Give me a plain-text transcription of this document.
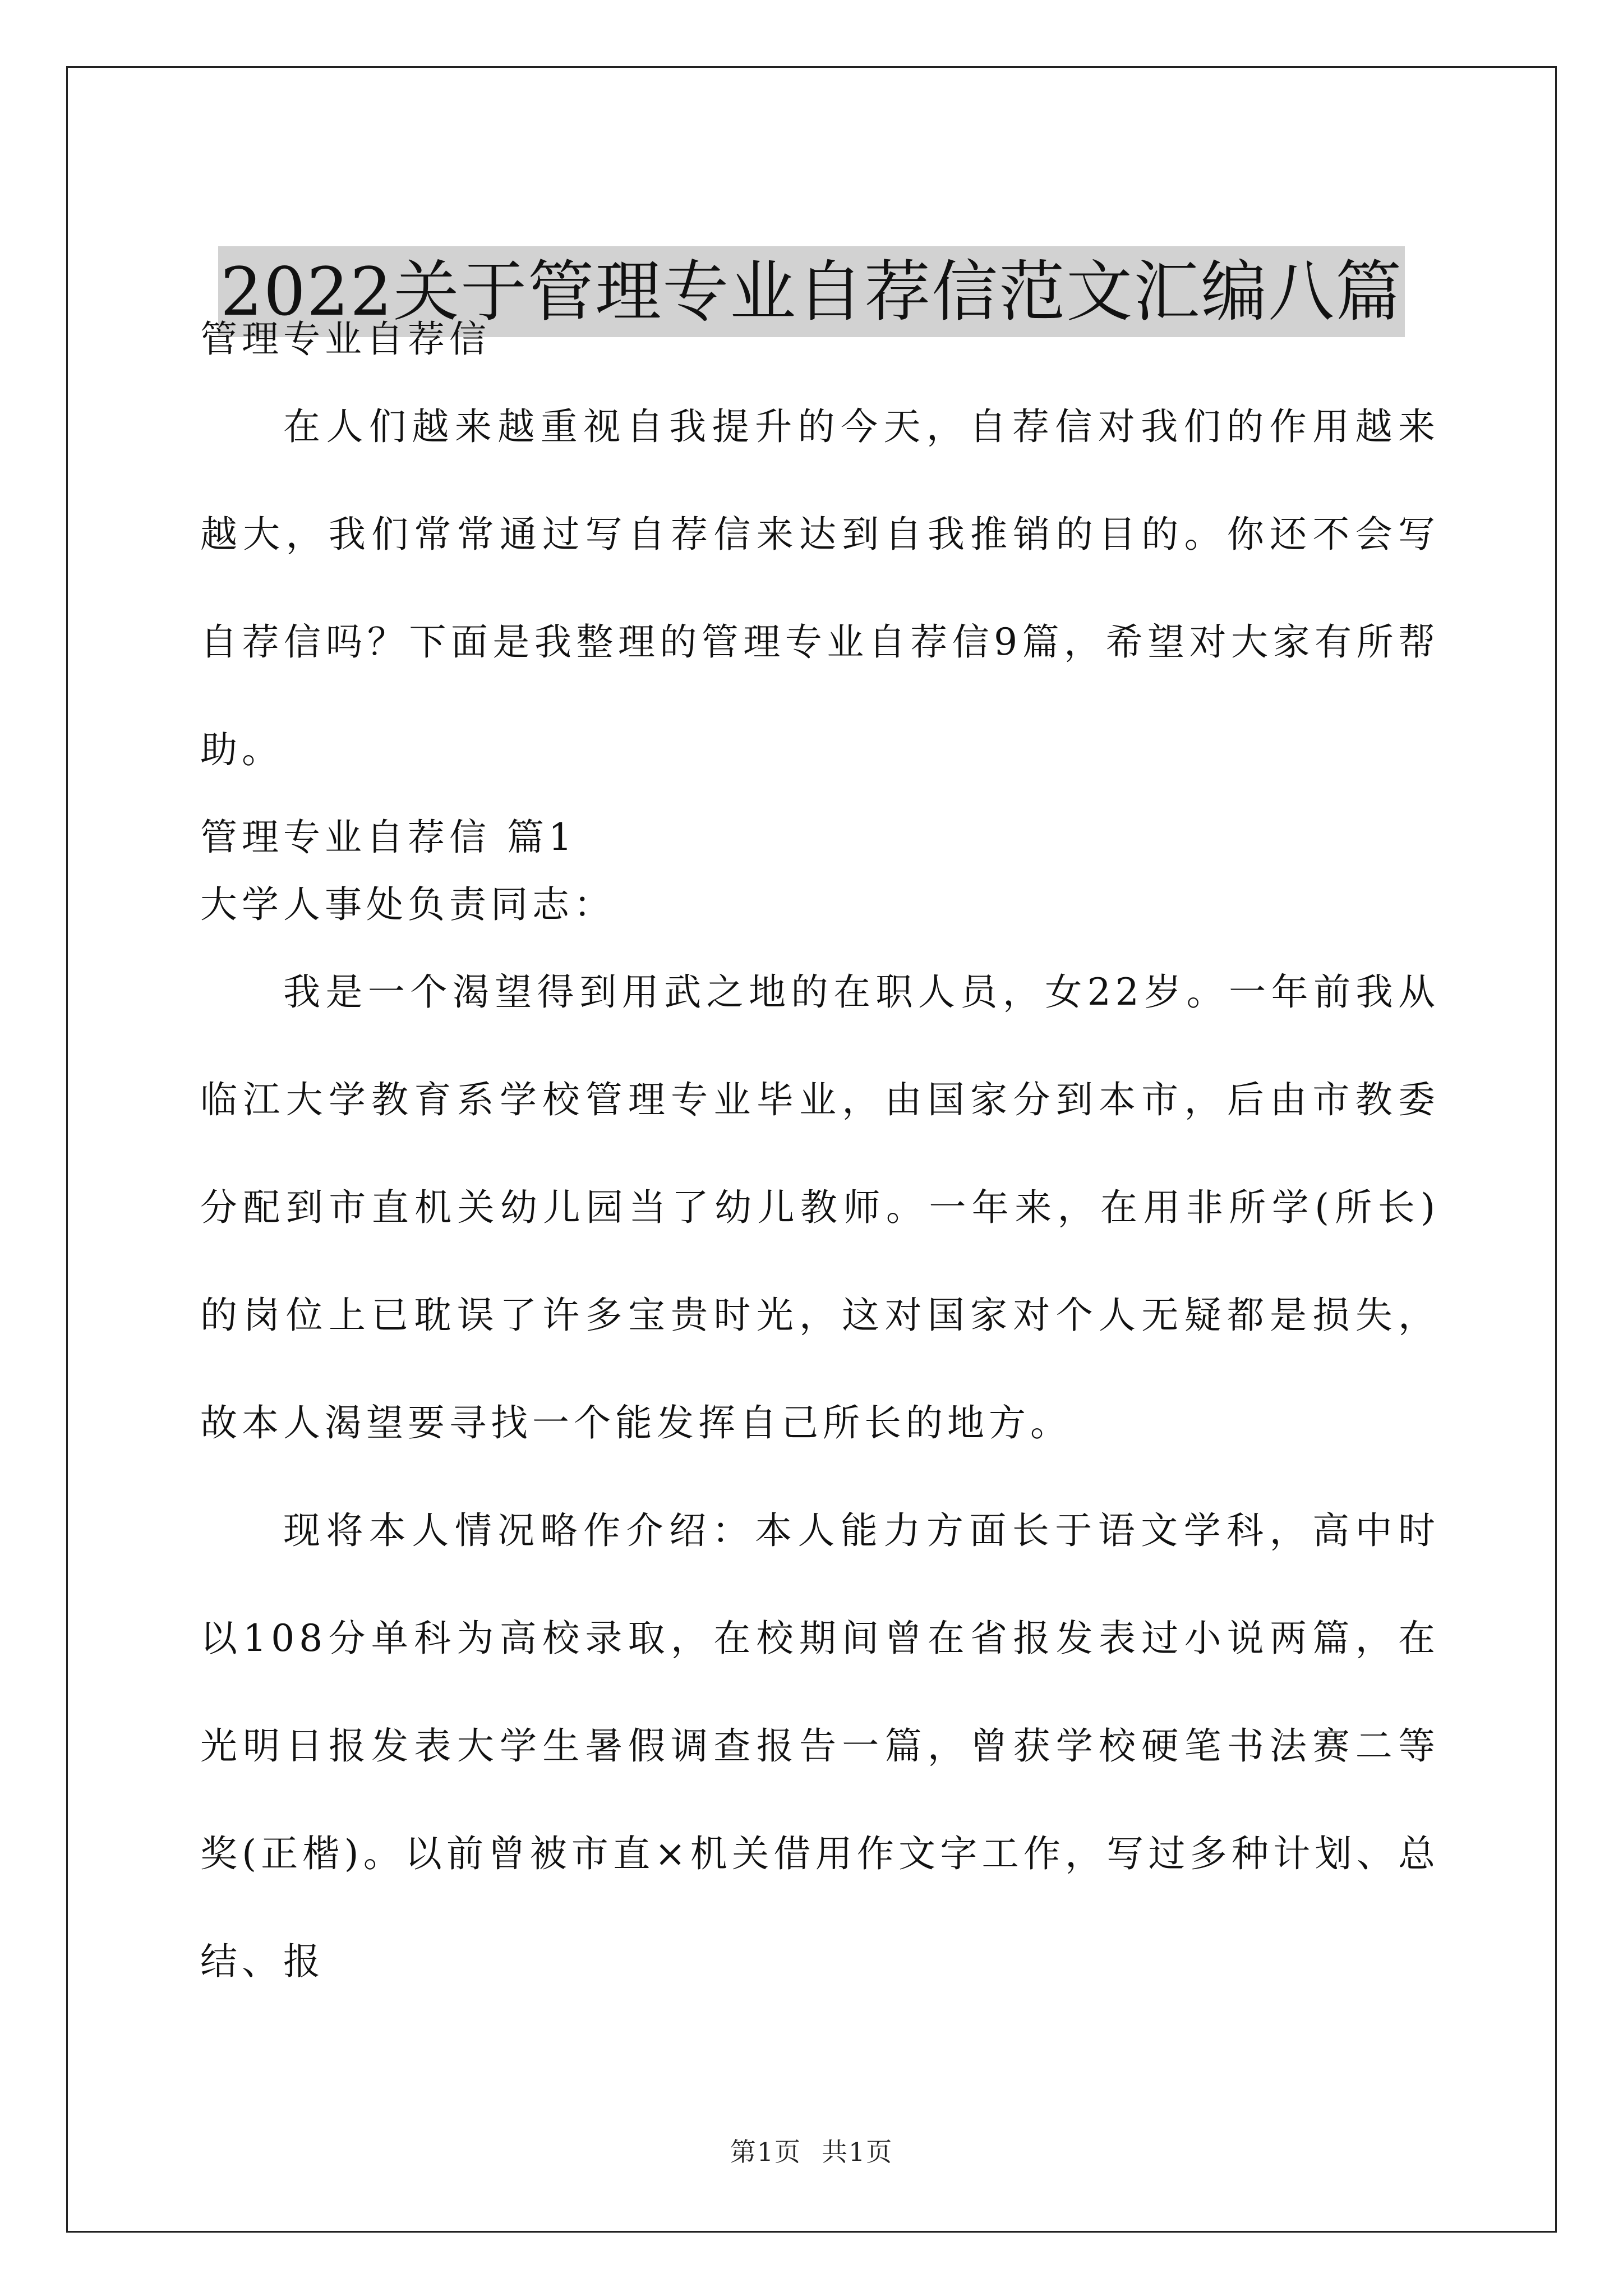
2022关于管理专业自荐信范文汇编八篇

管理专业自荐信

在人们越来越重视自我提升的今天，自荐信对我们的作用越来越大，我们常常通过写自荐信来达到自我推销的目的。你还不会写自荐信吗？下面是我整理的管理专业自荐信9篇，希望对大家有所帮助。

管理专业自荐信 篇1

大学人事处负责同志：

我是一个渴望得到用武之地的在职人员，女22岁。一年前我从临江大学教育系学校管理专业毕业，由国家分到本市，后由市教委分配到市直机关幼儿园当了幼儿教师。一年来，在用非所学(所长)的岗位上已耽误了许多宝贵时光，这对国家对个人无疑都是损失，故本人渴望要寻找一个能发挥自己所长的地方。

现将本人情况略作介绍：本人能力方面长于语文学科，高中时以108分单科为高校录取，在校期间曾在省报发表过小说两篇，在光明日报发表大学生暑假调查报告一篇，曾获学校硬笔书法赛二等奖(正楷)。以前曾被市直×机关借用作文字工作，写过多种计划、总结、报

第1页 共1页
